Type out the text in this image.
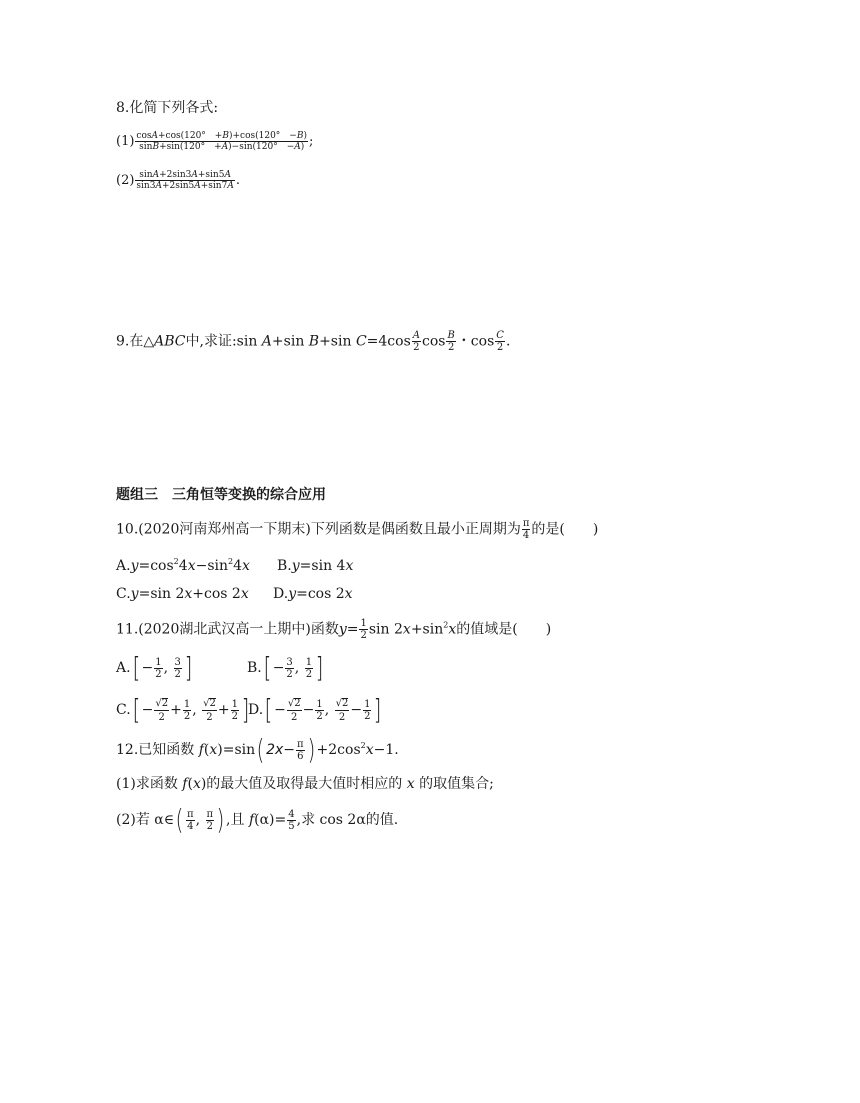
8.化简下列各式:
$(1) \frac{\cos A+\cos(120^\circ +B)+\cos(120^\circ -B)}{\sin B+\sin(120^\circ +A)-\sin(120^\circ -A)}$ ;
$(2) \frac{\sin A+2\sin 3A+\sin 5A}{\sin 3A+2\sin 5A+\sin 7A}$ .
9.在△ABC中,求证:sin A+sin B+sin $C=4\cos \frac{A}{2}$ $\cos \frac{B}{2}$ ・$\cos \frac{C}{2}$ .
题组三　三角恒等变换的综合应用
10.(2020河南郑州高一下期末)下列函数是偶函数且最小正周期为 $\frac{\pi}{4}$ 的是(　　)
$A.y=\cos^24x-\sin^24x$ B.y=sin 4x
C.y=sin 2x+cos 2x D.y=cos 2x
11.(2020湖北武汉高一上期中)函数$y= \frac{1}{2}$ $\sin 2x+\sin^2x$的值域是(　　)
$A.[ - \frac{1}{2}$ , $\frac{3}{2}$ ]	$B.[ - \frac{3}{2}$ , $\frac{1}{2}$ ]
$C.[ - \frac{√2}{2} + \frac{1}{2}$ , $\frac{√2}{2} + \frac{1}{2}$ ]
$D.[ - \frac{√2}{2} - \frac{1}{2}$ , $\frac{√2}{2} - \frac{1}{2}$ ]
12.已知函数 f(x)=sin( $2x- \frac{\pi}{6}$ ) $+2\cos^2x-1$.
(1)求函数 f(x)的最大值及取得最大值时相应的 x 的取值集合;
(2)若 α∈( $\frac{\pi}{4}$ , $\frac{\pi}{2}$ ) ,且 $f(\alpha)= \frac{4}{5}$ ,求 cos 2α的值.
